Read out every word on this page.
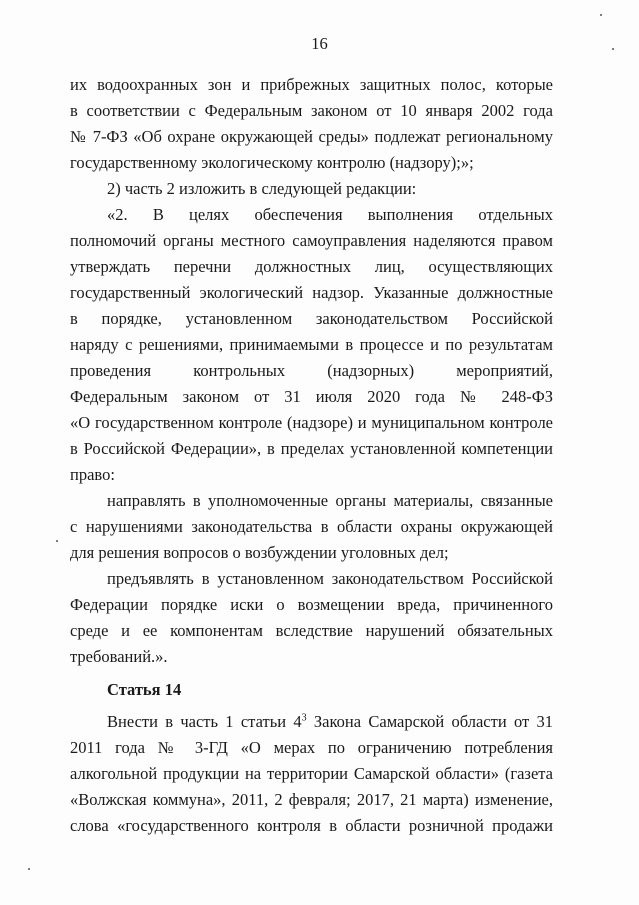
16
их водоохранных зон и прибрежных защитных полос, которые
в соответствии с Федеральным законом от 10 января 2002 года
№ 7-ФЗ «Об охране окружающей среды» подлежат региональному
государственному экологическому контролю (надзору);»;
2) часть 2 изложить в следующей редакции:
«2. В целях обеспечения выполнения отдельных
полномочий органы местного самоуправления наделяются правом
утверждать перечни должностных лиц, осуществляющих
государственный экологический надзор. Указанные должностные
в порядке, установленном законодательством Российской
наряду с решениями, принимаемыми в процессе и по результатам
проведения контрольных (надзорных) мероприятий,
Федеральным законом от 31 июля 2020 года № 248-ФЗ
«О государственном контроле (надзоре) и муниципальном контроле
в Российской Федерации», в пределах установленной компетенции
право:
направлять в уполномоченные органы материалы, связанные
с нарушениями законодательства в области охраны окружающей
для решения вопросов о возбуждении уголовных дел;
предъявлять в установленном законодательством Российской
Федерации порядке иски о возмещении вреда, причиненного
среде и ее компонентам вследствие нарушений обязательных
требований.».
Статья 14
Внести в часть 1 статьи $4^3$ Закона Самарской области от 31
2011 года № 3-ГД «О мерах по ограничению потребления
алкогольной продукции на территории Самарской области» (газета
«Волжская коммуна», 2011, 2 февраля; 2017, 21 марта) изменение,
слова «государственного контроля в области розничной продажи
